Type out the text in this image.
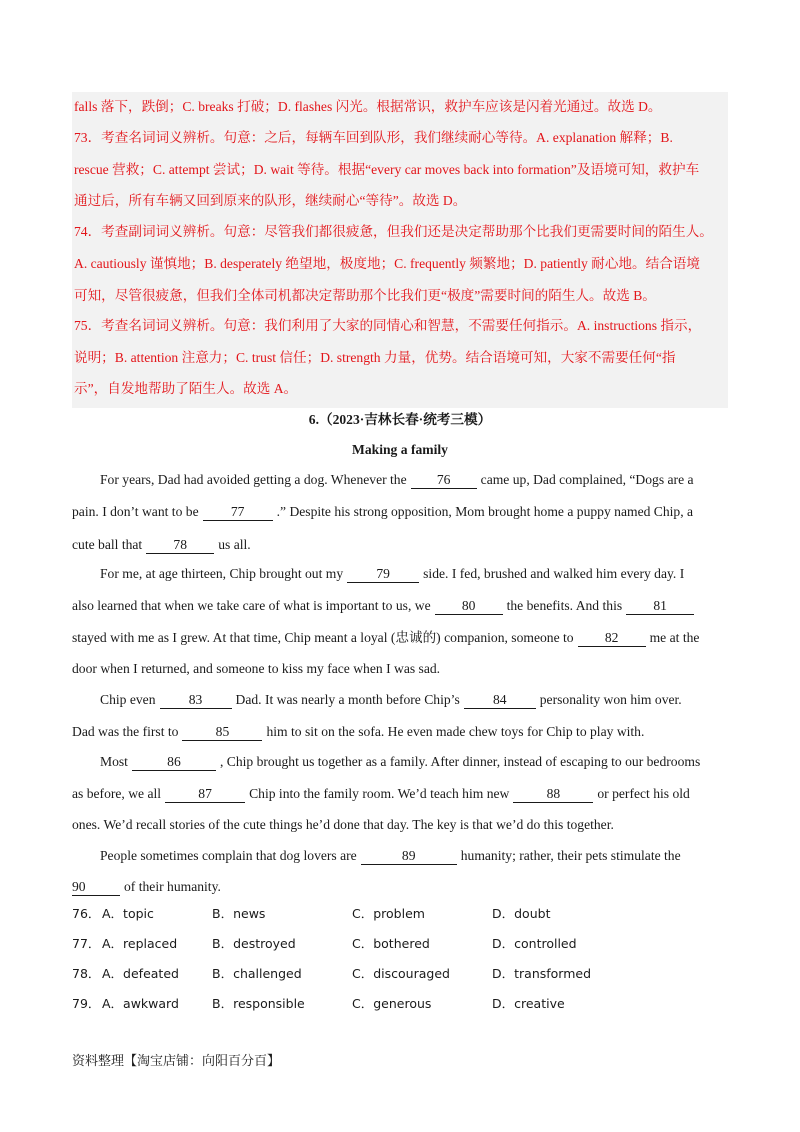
falls 落下，跌倒；C. breaks 打破；D. flashes 闪光。根据常识，救护车应该是闪着光通过。故选 D。
73．考查名词词义辨析。句意：之后，每辆车回到队形，我们继续耐心等待。A. explanation 解释；B.
rescue 营救；C. attempt 尝试；D. wait 等待。根据“every car moves back into formation”及语境可知，救护车
通过后，所有车辆又回到原来的队形，继续耐心“等待”。故选 D。
74．考查副词词义辨析。句意：尽管我们都很疲惫，但我们还是决定帮助那个比我们更需要时间的陌生人。
A. cautiously 谨慎地；B. desperately 绝望地，极度地；C. frequently 频繁地；D. patiently 耐心地。结合语境
可知，尽管很疲惫，但我们全体司机都决定帮助那个比我们更“极度”需要时间的陌生人。故选 B。
75．考查名词词义辨析。句意：我们利用了大家的同情心和智慧，不需要任何指示。A. instructions 指示，
说明；B. attention 注意力；C. trust 信任；D. strength 力量，优势。结合语境可知，大家不需要任何“指
示”，自发地帮助了陌生人。故选 A。
6.（2023·吉林长春·统考三模）
Making a family
For years, Dad had avoided getting a dog. Whenever the 76 came up, Dad complained, “Dogs are a
pain. I don’t want to be 77 .” Despite his strong opposition, Mom brought home a puppy named Chip, a
cute ball that 78 us all.
For me, at age thirteen, Chip brought out my 79 side. I fed, brushed and walked him every day. I
also learned that when we take care of what is important to us, we 80 the benefits. And this 81
stayed with me as I grew. At that time, Chip meant a loyal (忠诚的) companion, someone to 82 me at the
door when I returned, and someone to kiss my face when I was sad.
Chip even 83 Dad. It was nearly a month before Chip’s 84 personality won him over.
Dad was the first to	85	him to sit on the sofa. He even made chew toys for Chip to play with.
Most	86	, Chip brought us together as a family. After dinner, instead of escaping to our bedrooms
as before, we all	87	Chip into the family room. We’d teach him new	88	or perfect his old
ones. We’d recall stories of the cute things he’d done that day. The key is that we’d do this together.
People sometimes complain that dog lovers are	89	humanity; rather, their pets stimulate the
90	of their humanity.
76． A．topic	B．news	C．problem	D．doubt
77． A．replaced	B．destroyed	C．bothered	D．controlled
78． A．defeated	B．challenged	C．discouraged	D．transformed
79． A．awkward	B．responsible	C．generous	D．creative
资料整理【淘宝店铺：向阳百分百】
